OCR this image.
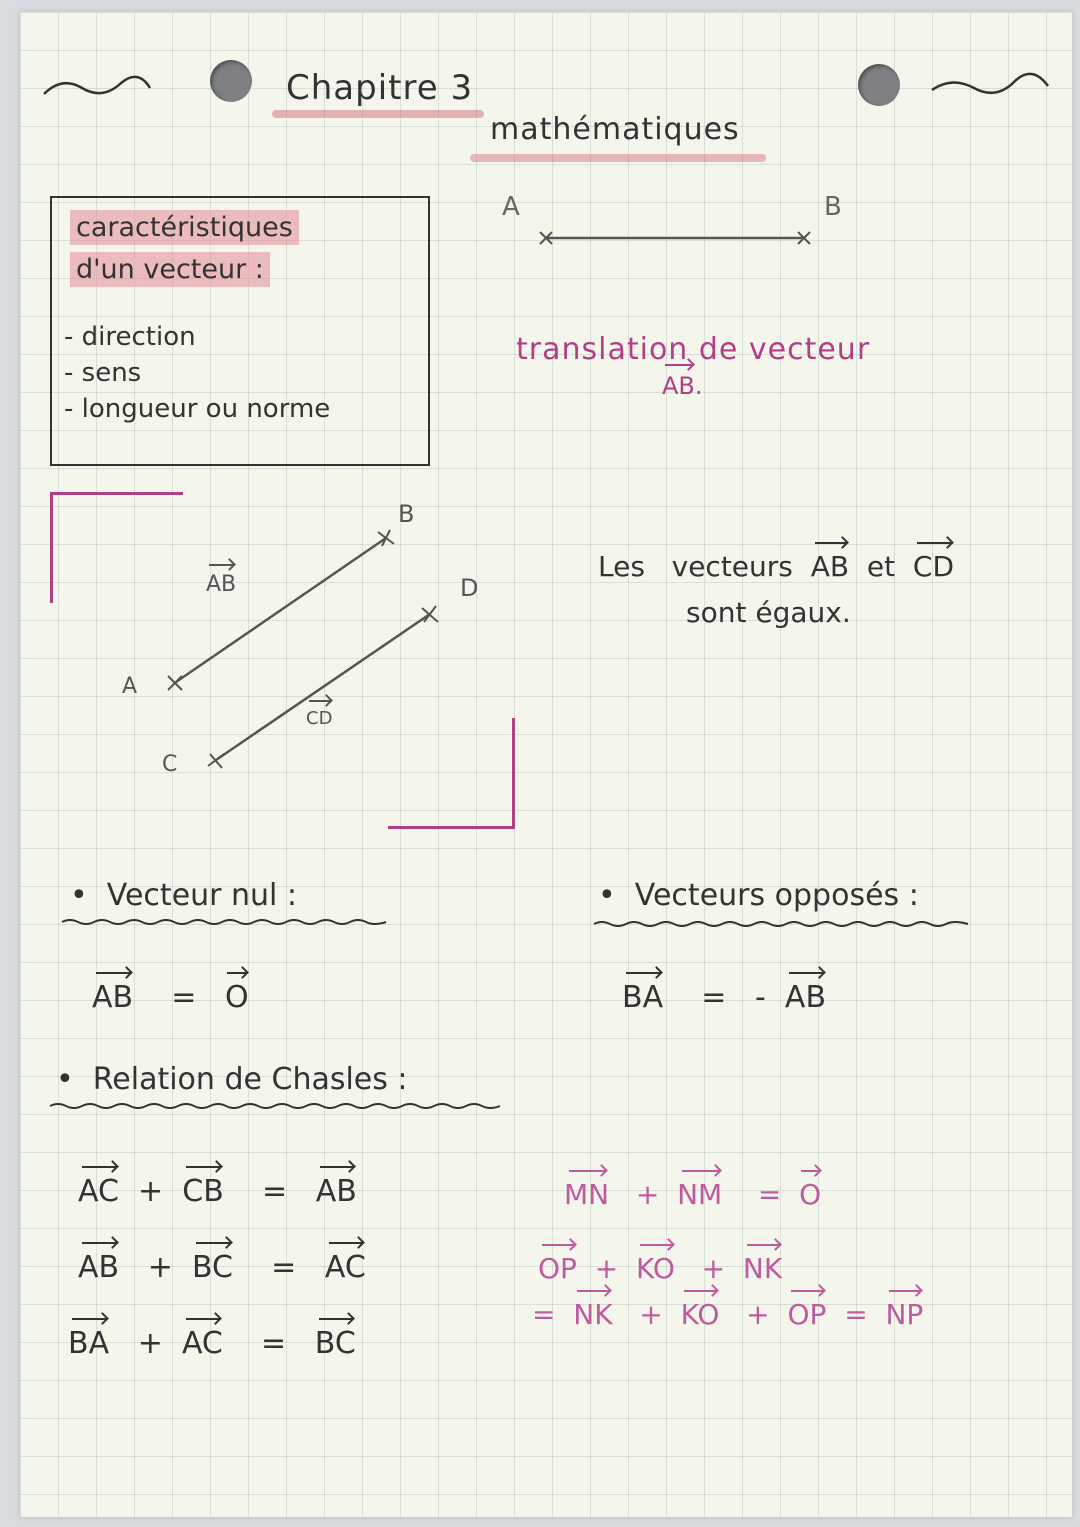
Chapitre 3
mathématiques
caractéristiques
d'un vecteur :
- direction
- sens
- longueur ou norme
A	B
translation de vecteur
AB.
B
D
A
C
AB
CD
Les vecteurs AB et CD
sont égaux.
• Vecteur nul :
AB = O
• Vecteurs opposés :
BA = - AB
• Relation de Chasles :
AC + CB = AB
AB + BC = AC
BA + AC = BC
MN + NM = O
OP + KO + NK
= NK + KO + OP = NP
